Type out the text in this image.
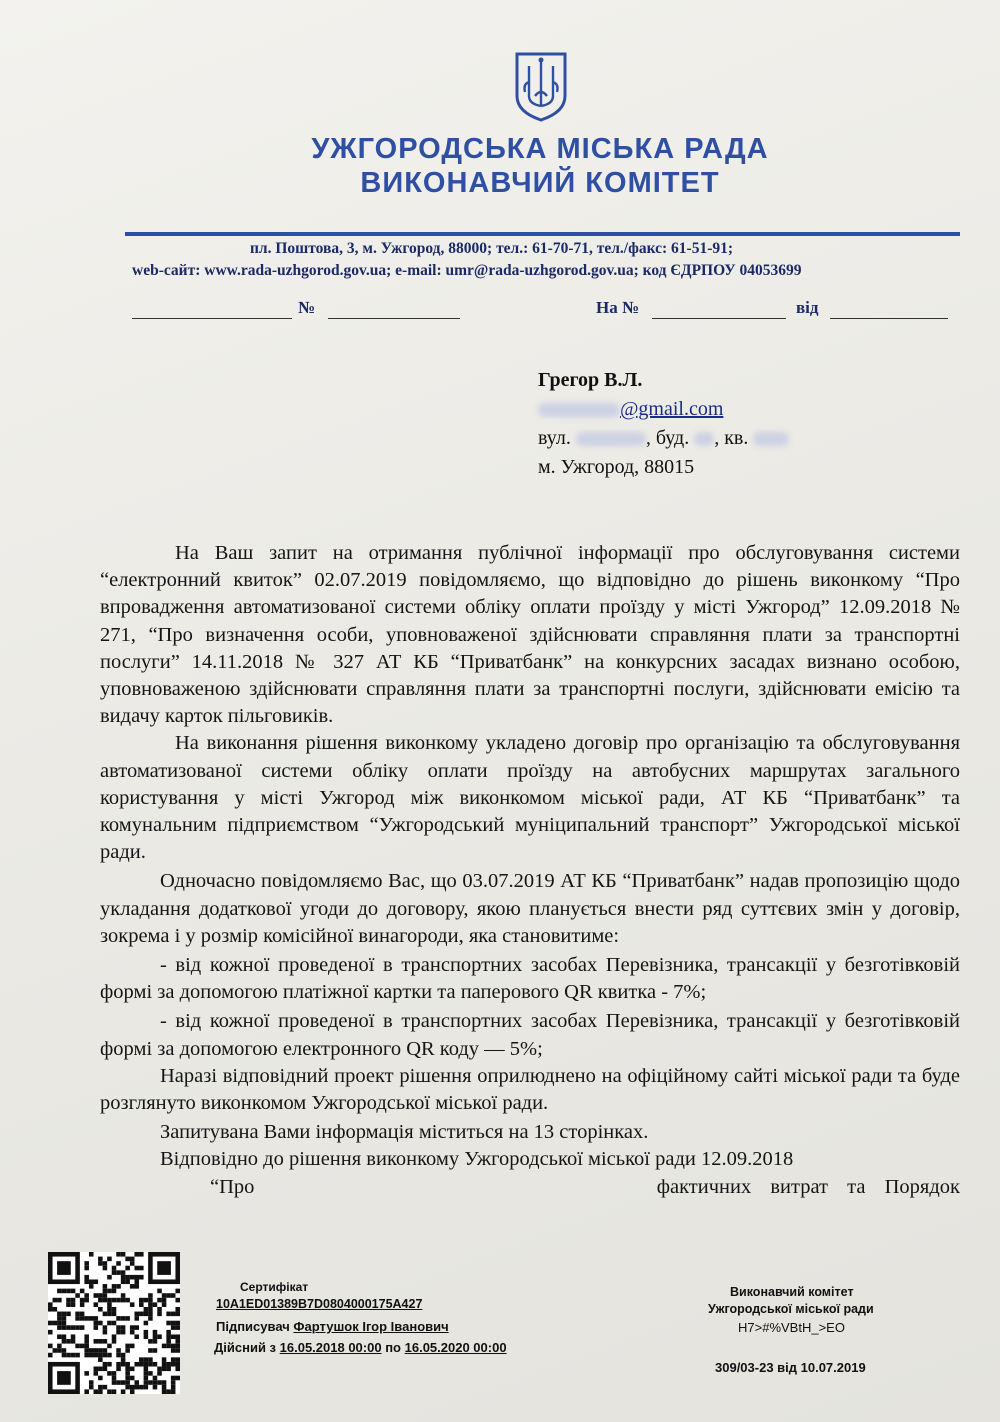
УЖГОРОДСЬКА МІСЬКА РАДА
ВИКОНАВЧИЙ КОМІТЕТ
пл. Поштова, 3, м. Ужгород, 88000; тел.: 61-70-71, тел./факс: 61-51-91;
web-сайт: www.rada-uzhgorod.gov.ua; e-mail: umr@rada-uzhgorod.gov.ua; код ЄДРПОУ 04053699
№	На №	від
Грегор В.Л.
@gmail.com
вул.	, буд. , кв.
м. Ужгород, 88015

На Ваш запит на отримання публічної інформації про обслуговування системи “електронний квиток” 02.07.2019 повідомляємо, що відповідно до рішень виконкому “Про впровадження автоматизованої системи обліку оплати проїзду у місті Ужгород” 12.09.2018 № 271, “Про визначення особи, уповноваженої здійснювати справляння плати за транспортні послуги” 14.11.2018 № 327 АТ КБ “Приватбанк” на конкурсних засадах визнано особою, уповноваженою здійснювати справляння плати за транспортні послуги, здійснювати емісію та видачу карток пільговиків.

На виконання рішення виконкому укладено договір про організацію та обслуговування автоматизованої системи обліку оплати проїзду на автобусних маршрутах загального користування у місті Ужгород між виконкомом міської ради, АТ КБ “Приватбанк” та комунальним підприємством “Ужгородський муніципальний транспорт” Ужгородської міської ради.

Одночасно повідомляємо Вас, що 03.07.2019 АТ КБ “Приватбанк” надав пропозицію щодо укладання додаткової угоди до договору, якою планується внести ряд суттєвих змін у договір, зокрема і у розмір комісійної винагороди, яка становитиме:

- від кожної проведеної в транспортних засобах Перевізника, трансакції у безготівковій формі за допомогою платіжної картки та паперового QR квитка - 7%;

- від кожної проведеної в транспортних засобах Перевізника, трансакції у безготівковій формі за допомогою електронного QR коду — 5%;

Наразі відповідний проект рішення оприлюднено на офіційному сайті міської ради та буде розглянуто виконкомом Ужгородської міської ради.

Запитувана Вами інформація міститься на 13 сторінках.

Відповідно до рішення виконкому Ужгородської міської ради 12.09.2018

“Про	фактичних витрат та Порядок

Сертифікат
10A1ED01389B7D0804000175A427
Підписувач Фартушок Ігор Іванович
Дійсний з 16.05.2018 00:00 по 16.05.2020 00:00
Виконавчий комітет
Ужгородської міської ради
H7>#%VBtH_>EO
309/03-23 від 10.07.2019
